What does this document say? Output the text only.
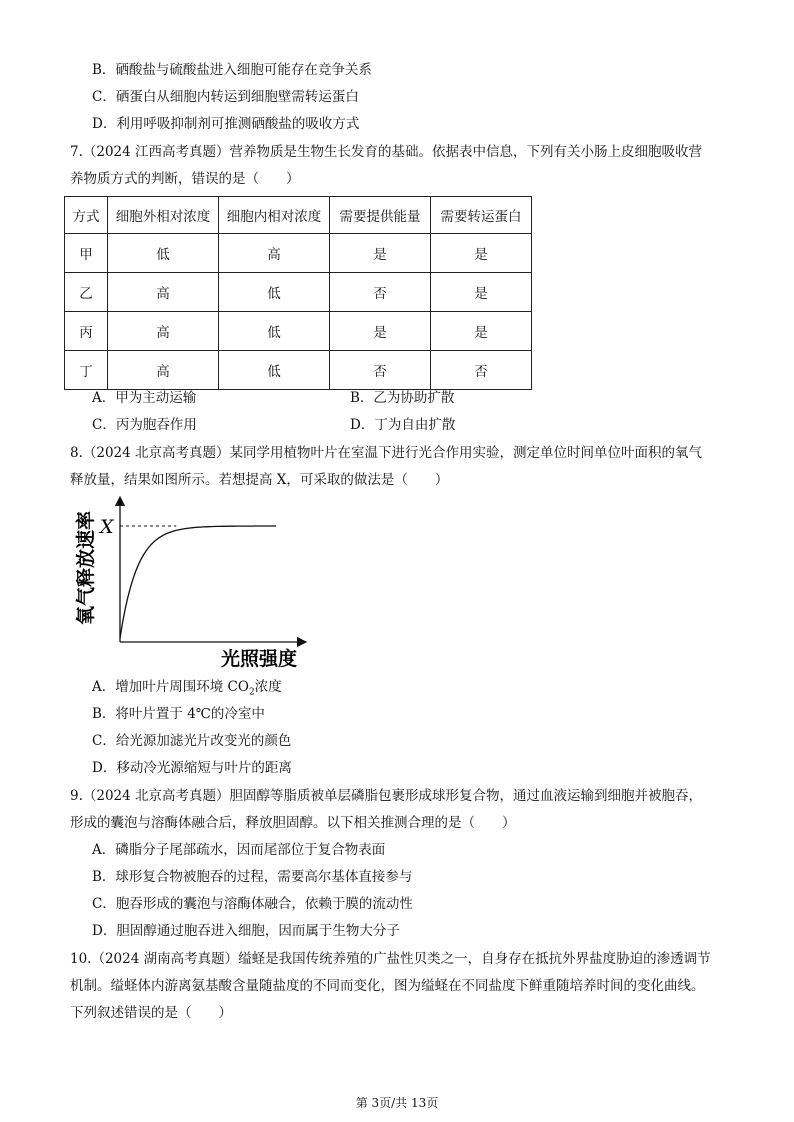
B．硒酸盐与硫酸盐进入细胞可能存在竞争关系
C．硒蛋白从细胞内转运到细胞壁需转运蛋白
D．利用呼吸抑制剂可推测硒酸盐的吸收方式
7.（2024 江西高考真题）营养物质是生物生长发育的基础。依据表中信息，下列有关小肠上皮细胞吸收营
养物质方式的判断，错误的是（　　）
方式	细胞外相对浓度	细胞内相对浓度	需要提供能量	需要转运蛋白
甲	低	高	是	是
乙	高	低	否	是
丙	高	低	是	是
丁	高	低	否	否
A．甲为主动运输	B．乙为协助扩散
C．丙为胞吞作用	D．丁为自由扩散
8.（2024 北京高考真题）某同学用植物叶片在室温下进行光合作用实验，测定单位时间单位叶面积的氧气
释放量，结果如图所示。若想提高 X，可采取的做法是（　　）
X
氧气释放速率
光照强度
A．增加叶片周围环境 $CO_2$浓度
B．将叶片置于 4℃的冷室中
C．给光源加滤光片改变光的颜色
D．移动冷光源缩短与叶片的距离
9.（2024 北京高考真题）胆固醇等脂质被单层磷脂包裹形成球形复合物，通过血液运输到细胞并被胞吞，
形成的囊泡与溶酶体融合后，释放胆固醇。以下相关推测合理的是（　　）
A．磷脂分子尾部疏水，因而尾部位于复合物表面
B．球形复合物被胞吞的过程，需要高尔基体直接参与
C．胞吞形成的囊泡与溶酶体融合，依赖于膜的流动性
D．胆固醇通过胞吞进入细胞，因而属于生物大分子
10.（2024 湖南高考真题）缢蛏是我国传统养殖的广盐性贝类之一，自身存在抵抗外界盐度胁迫的渗透调节
机制。缢蛏体内游离氨基酸含量随盐度的不同而变化，图为缢蛏在不同盐度下鲜重随培养时间的变化曲线。
下列叙述错误的是（　　）
第 3页/共 13页
